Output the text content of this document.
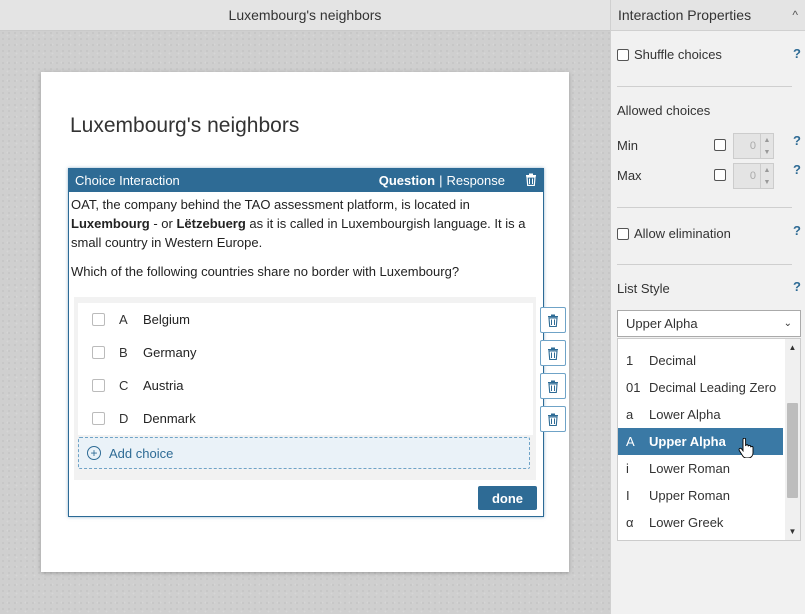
Luxembourg's neighbors
Luxembourg's neighbors
Choice Interaction	Question | Response

OAT, the company behind the TAO assessment platform, is located in
Luxembourg - or Lëtzebuerg as it is called in Luxembourgish language. It is a small country in Western Europe.

Which of the following countries share no border with Luxembourg?

A	Belgium
B	Germany
C	Austria
D	Denmark
+ Add choice
done
Interaction Properties	^
Shuffle choices	?
Allowed choices
Min	0	▲
▼
?
Max	0	▲
▼
?
Allow elimination	?
List Style	?
Upper Alpha	⌄
1	Decimal
01 Decimal Leading Zero
a	Lower Alpha
A	Upper Alpha
i	Lower Roman
I	Upper Roman
α	Lower Greek
▲
▼
